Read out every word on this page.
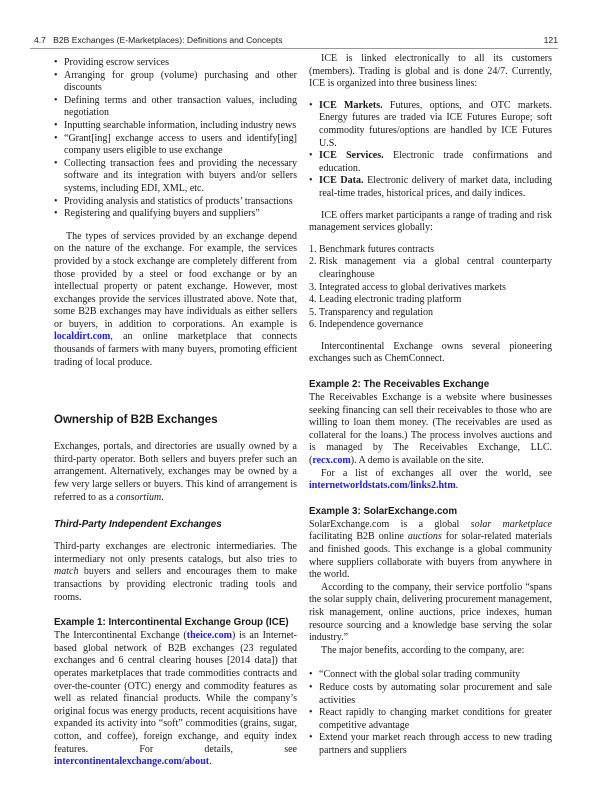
4.7 B2B Exchanges (E-Marketplaces): Definitions and Concepts	121
• Providing escrow services
• Arranging for group (volume) purchasing and other discounts
• Defining terms and other transaction values, including negotiation
• Inputting searchable information, including industry news
• “Grant[ing] exchange access to users and identify[ing] company users eligible to use exchange
• Collecting transaction fees and providing the necessary software and its integration with buyers and/or sellers systems, including EDI, XML, etc.
• Providing analysis and statistics of products’ transactions
• Registering and qualifying buyers and suppliers”

The types of services provided by an exchange depend on the nature of the exchange. For example, the services provided by a stock exchange are completely different from those provided by a steel or food exchange or by an intellectual property or patent exchange. However, most exchanges provide the services illustrated above. Note that, some B2B exchanges may have individuals as either sellers or buyers, in addition to corporations. An example is localdirt.com, an online marketplace that connects thousands of farmers with many buyers, promoting efficient trading of local produce.

Ownership of B2B Exchanges

Exchanges, portals, and directories are usually owned by a third-party operator. Both sellers and buyers prefer such an arrangement. Alternatively, exchanges may be owned by a few very large sellers or buyers. This kind of arrangement is referred to as a consortium.

Third-Party Independent Exchanges

Third-party exchanges are electronic intermediaries. The intermediary not only presents catalogs, but also tries to match buyers and sellers and encourages them to make transactions by providing electronic trading tools and rooms.

Example 1: Intercontinental Exchange Group (ICE)

The Intercontinental Exchange (theice.com) is an Internet-based global network of B2B exchanges (23 regulated exchanges and 6 central clearing houses [2014 data]) that operates marketplaces that trade commodities contracts and over-the-counter (OTC) energy and commodity features as well as related financial products. While the company’s original focus was energy products, recent acquisitions have expanded its activity into “soft” commodities (grains, sugar, cotton, and coffee), foreign exchange, and equity index features. For details, see intercontinentalexchange.com/about.

ICE is linked electronically to all its customers (members). Trading is global and is done 24/7. Currently, ICE is organized into three business lines:

• ICE Markets. Futures, options, and OTC markets. Energy futures are traded via ICE Futures Europe; soft commodity futures/options are handled by ICE Futures U.S.
• ICE Services. Electronic trade confirmations and education.
• ICE Data. Electronic delivery of market data, including real-time trades, historical prices, and daily indices.

ICE offers market participants a range of trading and risk management services globally:

1. Benchmark futures contracts
2. Risk management via a global central counterparty clearinghouse
3. Integrated access to global derivatives markets
4. Leading electronic trading platform
5. Transparency and regulation
6. Independence governance

Intercontinental Exchange owns several pioneering exchanges such as ChemConnect.

Example 2: The Receivables Exchange

The Receivables Exchange is a website where businesses seeking financing can sell their receivables to those who are willing to loan them money. (The receivables are used as collateral for the loans.) The process involves auctions and is managed by The Receivables Exchange, LLC. (recx.com). A demo is available on the site.

For a list of exchanges all over the world, see internetworldstats.com/links2.htm.

Example 3: SolarExchange.com

SolarExchange.com is a global solar marketplace facilitating B2B online auctions for solar-related materials and finished goods. This exchange is a global community where suppliers collaborate with buyers from anywhere in the world.

According to the company, their service portfolio “spans the solar supply chain, delivering procurement management, risk management, online auctions, price indexes, human resource sourcing and a knowledge base serving the solar industry.”

The major benefits, according to the company, are:

• “Connect with the global solar trading community
• Reduce costs by automating solar procurement and sale activities
• React rapidly to changing market conditions for greater competitive advantage
• Extend your market reach through access to new trading partners and suppliers
